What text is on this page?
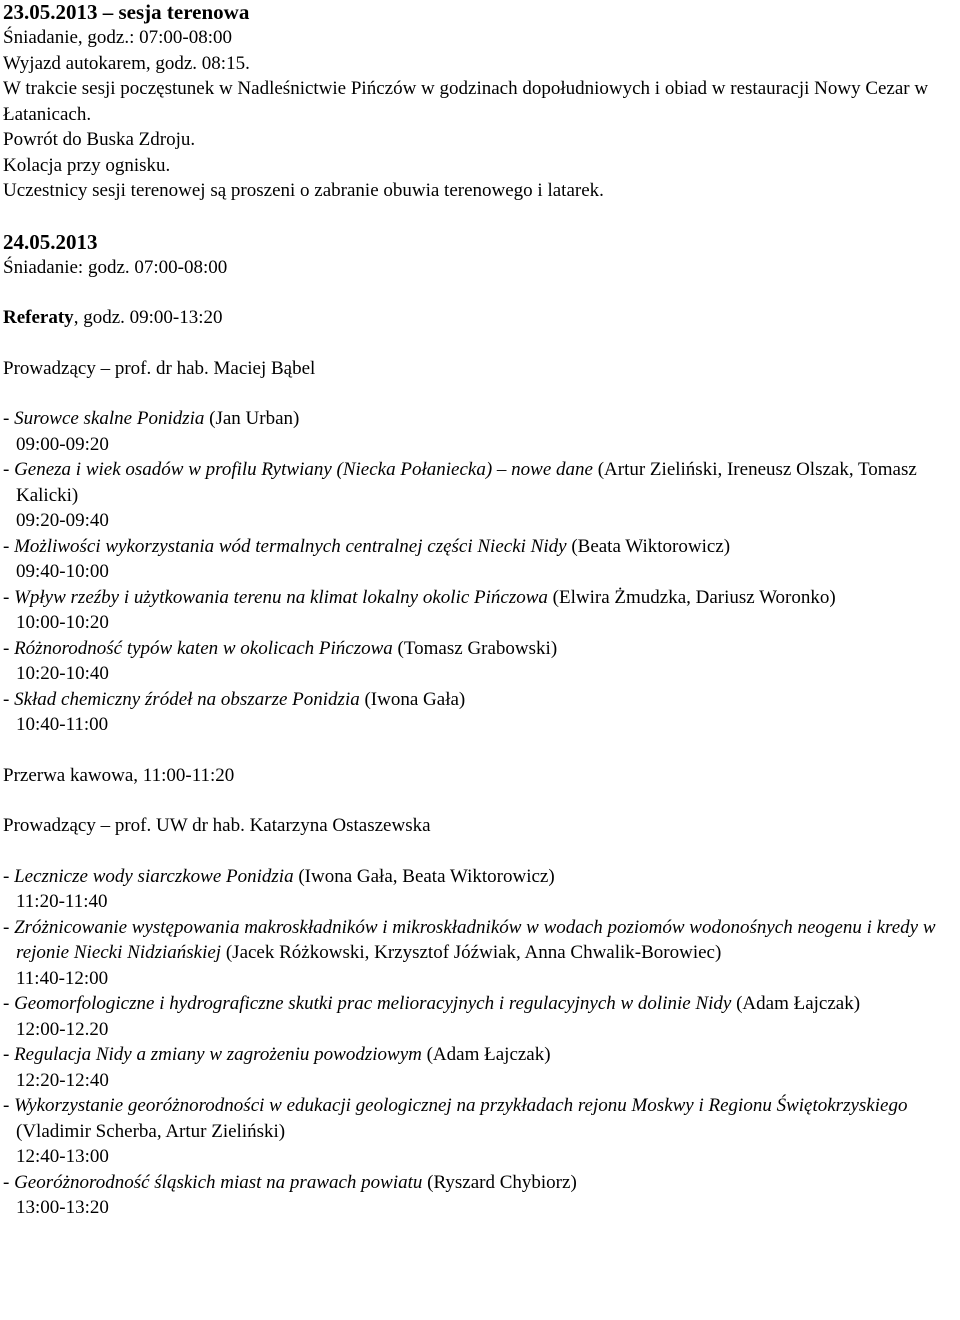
23.05.2013 – sesja terenowa
Śniadanie, godz.: 07:00-08:00
Wyjazd autokarem, godz. 08:15.
W trakcie sesji poczęstunek w Nadleśnictwie Pińczów w godzinach dopołudniowych i obiad w restauracji Nowy Cezar w Łatanicach.
Powrót do Buska Zdroju.
Kolacja przy ognisku.
Uczestnicy sesji terenowej są proszeni o zabranie obuwia terenowego i latarek.
24.05.2013
Śniadanie: godz. 07:00-08:00
Referaty, godz. 09:00-13:20
Prowadzący – prof. dr hab. Maciej Bąbel
- Surowce skalne Ponidzia (Jan Urban)
09:00-09:20
- Geneza i wiek osadów w profilu Rytwiany (Niecka Połaniecka) – nowe dane (Artur Zieliński, Ireneusz Olszak, Tomasz Kalicki)
09:20-09:40
- Możliwości wykorzystania wód termalnych centralnej części Niecki Nidy (Beata Wiktorowicz)
09:40-10:00
- Wpływ rzeźby i użytkowania terenu na klimat lokalny okolic Pińczowa (Elwira Żmudzka, Dariusz Woronko)
10:00-10:20
- Różnorodność typów katen w okolicach Pińczowa (Tomasz Grabowski)
10:20-10:40
- Skład chemiczny źródeł na obszarze Ponidzia (Iwona Gała)
10:40-11:00
Przerwa kawowa, 11:00-11:20
Prowadzący – prof. UW dr hab. Katarzyna Ostaszewska
- Lecznicze wody siarczkowe Ponidzia (Iwona Gała, Beata Wiktorowicz)
11:20-11:40
- Zróżnicowanie występowania makroskładników i mikroskładników w wodach poziomów wodonośnych neogenu i kredy w rejonie Niecki Nidziańskiej (Jacek Różkowski, Krzysztof Jóźwiak, Anna Chwalik-Borowiec)
11:40-12:00
- Geomorfologiczne i hydrograficzne skutki prac melioracyjnych i regulacyjnych w dolinie Nidy (Adam Łajczak)
12:00-12.20
- Regulacja Nidy a zmiany w zagrożeniu powodziowym (Adam Łajczak)
12:20-12:40
- Wykorzystanie georóżnorodności w edukacji geologicznej na przykładach rejonu Moskwy i Regionu Świętokrzyskiego (Vladimir Scherba, Artur Zieliński)
12:40-13:00
- Georóżnorodność śląskich miast na prawach powiatu (Ryszard Chybiorz)
13:00-13:20
